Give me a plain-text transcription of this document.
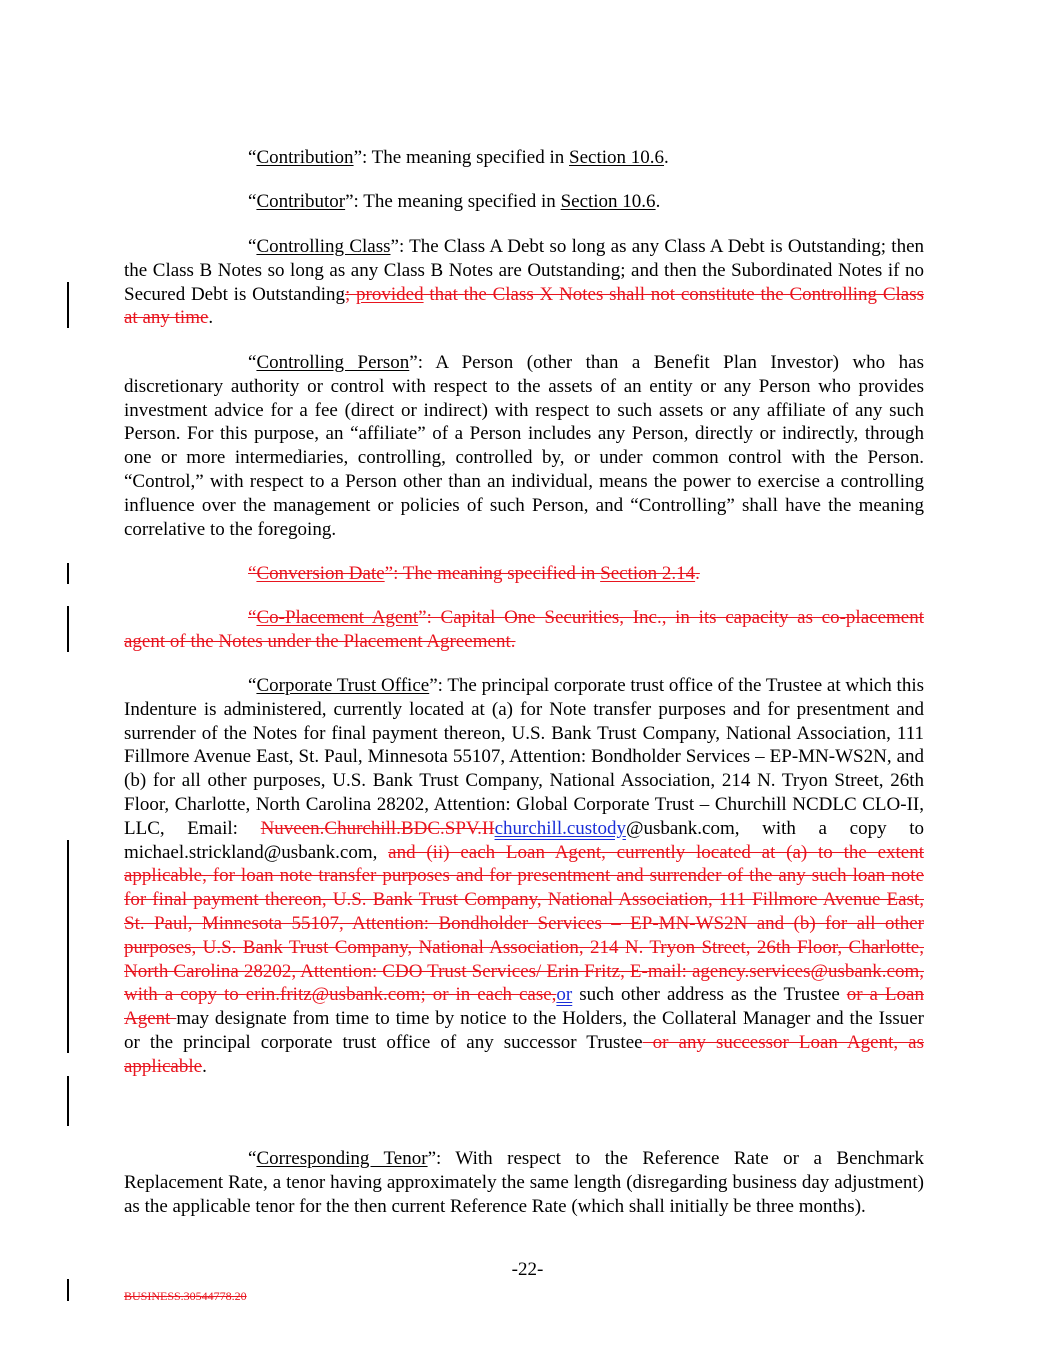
“Contribution”: The meaning specified in Section 10.6.
“Contributor”: The meaning specified in Section 10.6.
“Controlling Class”: The Class A Debt so long as any Class A Debt is Outstanding; then the Class B Notes so long as any Class B Notes are Outstanding; and then the Subordinated Notes if no Secured Debt is Outstanding; provided that the Class X Notes shall not constitute the Controlling Class at any time.
“Controlling Person”: A Person (other than a Benefit Plan Investor) who has discretionary authority or control with respect to the assets of an entity or any Person who provides investment advice for a fee (direct or indirect) with respect to such assets or any affiliate of any such Person. For this purpose, an “affiliate” of a Person includes any Person, directly or indirectly, through one or more intermediaries, controlling, controlled by, or under common control with the Person. “Control,” with respect to a Person other than an individual, means the power to exercise a controlling influence over the management or policies of such Person, and “Controlling” shall have the meaning correlative to the foregoing.
“Conversion Date”: The meaning specified in Section 2.14.
“Co-Placement Agent”: Capital One Securities, Inc., in its capacity as co-placement agent of the Notes under the Placement Agreement.
“Corporate Trust Office”: The principal corporate trust office of the Trustee at which this Indenture is administered, currently located at (a) for Note transfer purposes and for presentment and surrender of the Notes for final payment thereon, U.S. Bank Trust Company, National Association, 111 Fillmore Avenue East, St. Paul, Minnesota 55107, Attention: Bondholder Services – EP-MN-WS2N, and (b) for all other purposes, U.S. Bank Trust Company, National Association, 214 N. Tryon Street, 26th Floor, Charlotte, North Carolina 28202, Attention: Global Corporate Trust – Churchill NCDLC CLO-II, LLC, Email: Nuveen.Churchill.BDC.SPV.IIchurchill.custody@usbank.com, with a copy to michael.strickland@usbank.com, and (ii) each Loan Agent, currently located at (a) to the extent applicable, for loan note transfer purposes and for presentment and surrender of the any such loan note for final payment thereon, U.S. Bank Trust Company, National Association, 111 Fillmore Avenue East, St. Paul, Minnesota 55107, Attention: Bondholder Services – EP-MN-WS2N and (b) for all other purposes, U.S. Bank Trust Company, National Association, 214 N. Tryon Street, 26th Floor, Charlotte, North Carolina 28202, Attention: CDO Trust Services/ Erin Fritz, E-mail: agency.services@usbank.com, with a copy to erin.fritz@usbank.com; or in each case,or such other address as the Trustee or a Loan Agent may designate from time to time by notice to the Holders, the Collateral Manager and the Issuer or the principal corporate trust office of any successor Trustee or any successor Loan Agent, as applicable.
“Corresponding Tenor”: With respect to the Reference Rate or a Benchmark Replacement Rate, a tenor having approximately the same length (disregarding business day adjustment) as the applicable tenor for the then current Reference Rate (which shall initially be three months).
-22-
BUSINESS.30544778.20
